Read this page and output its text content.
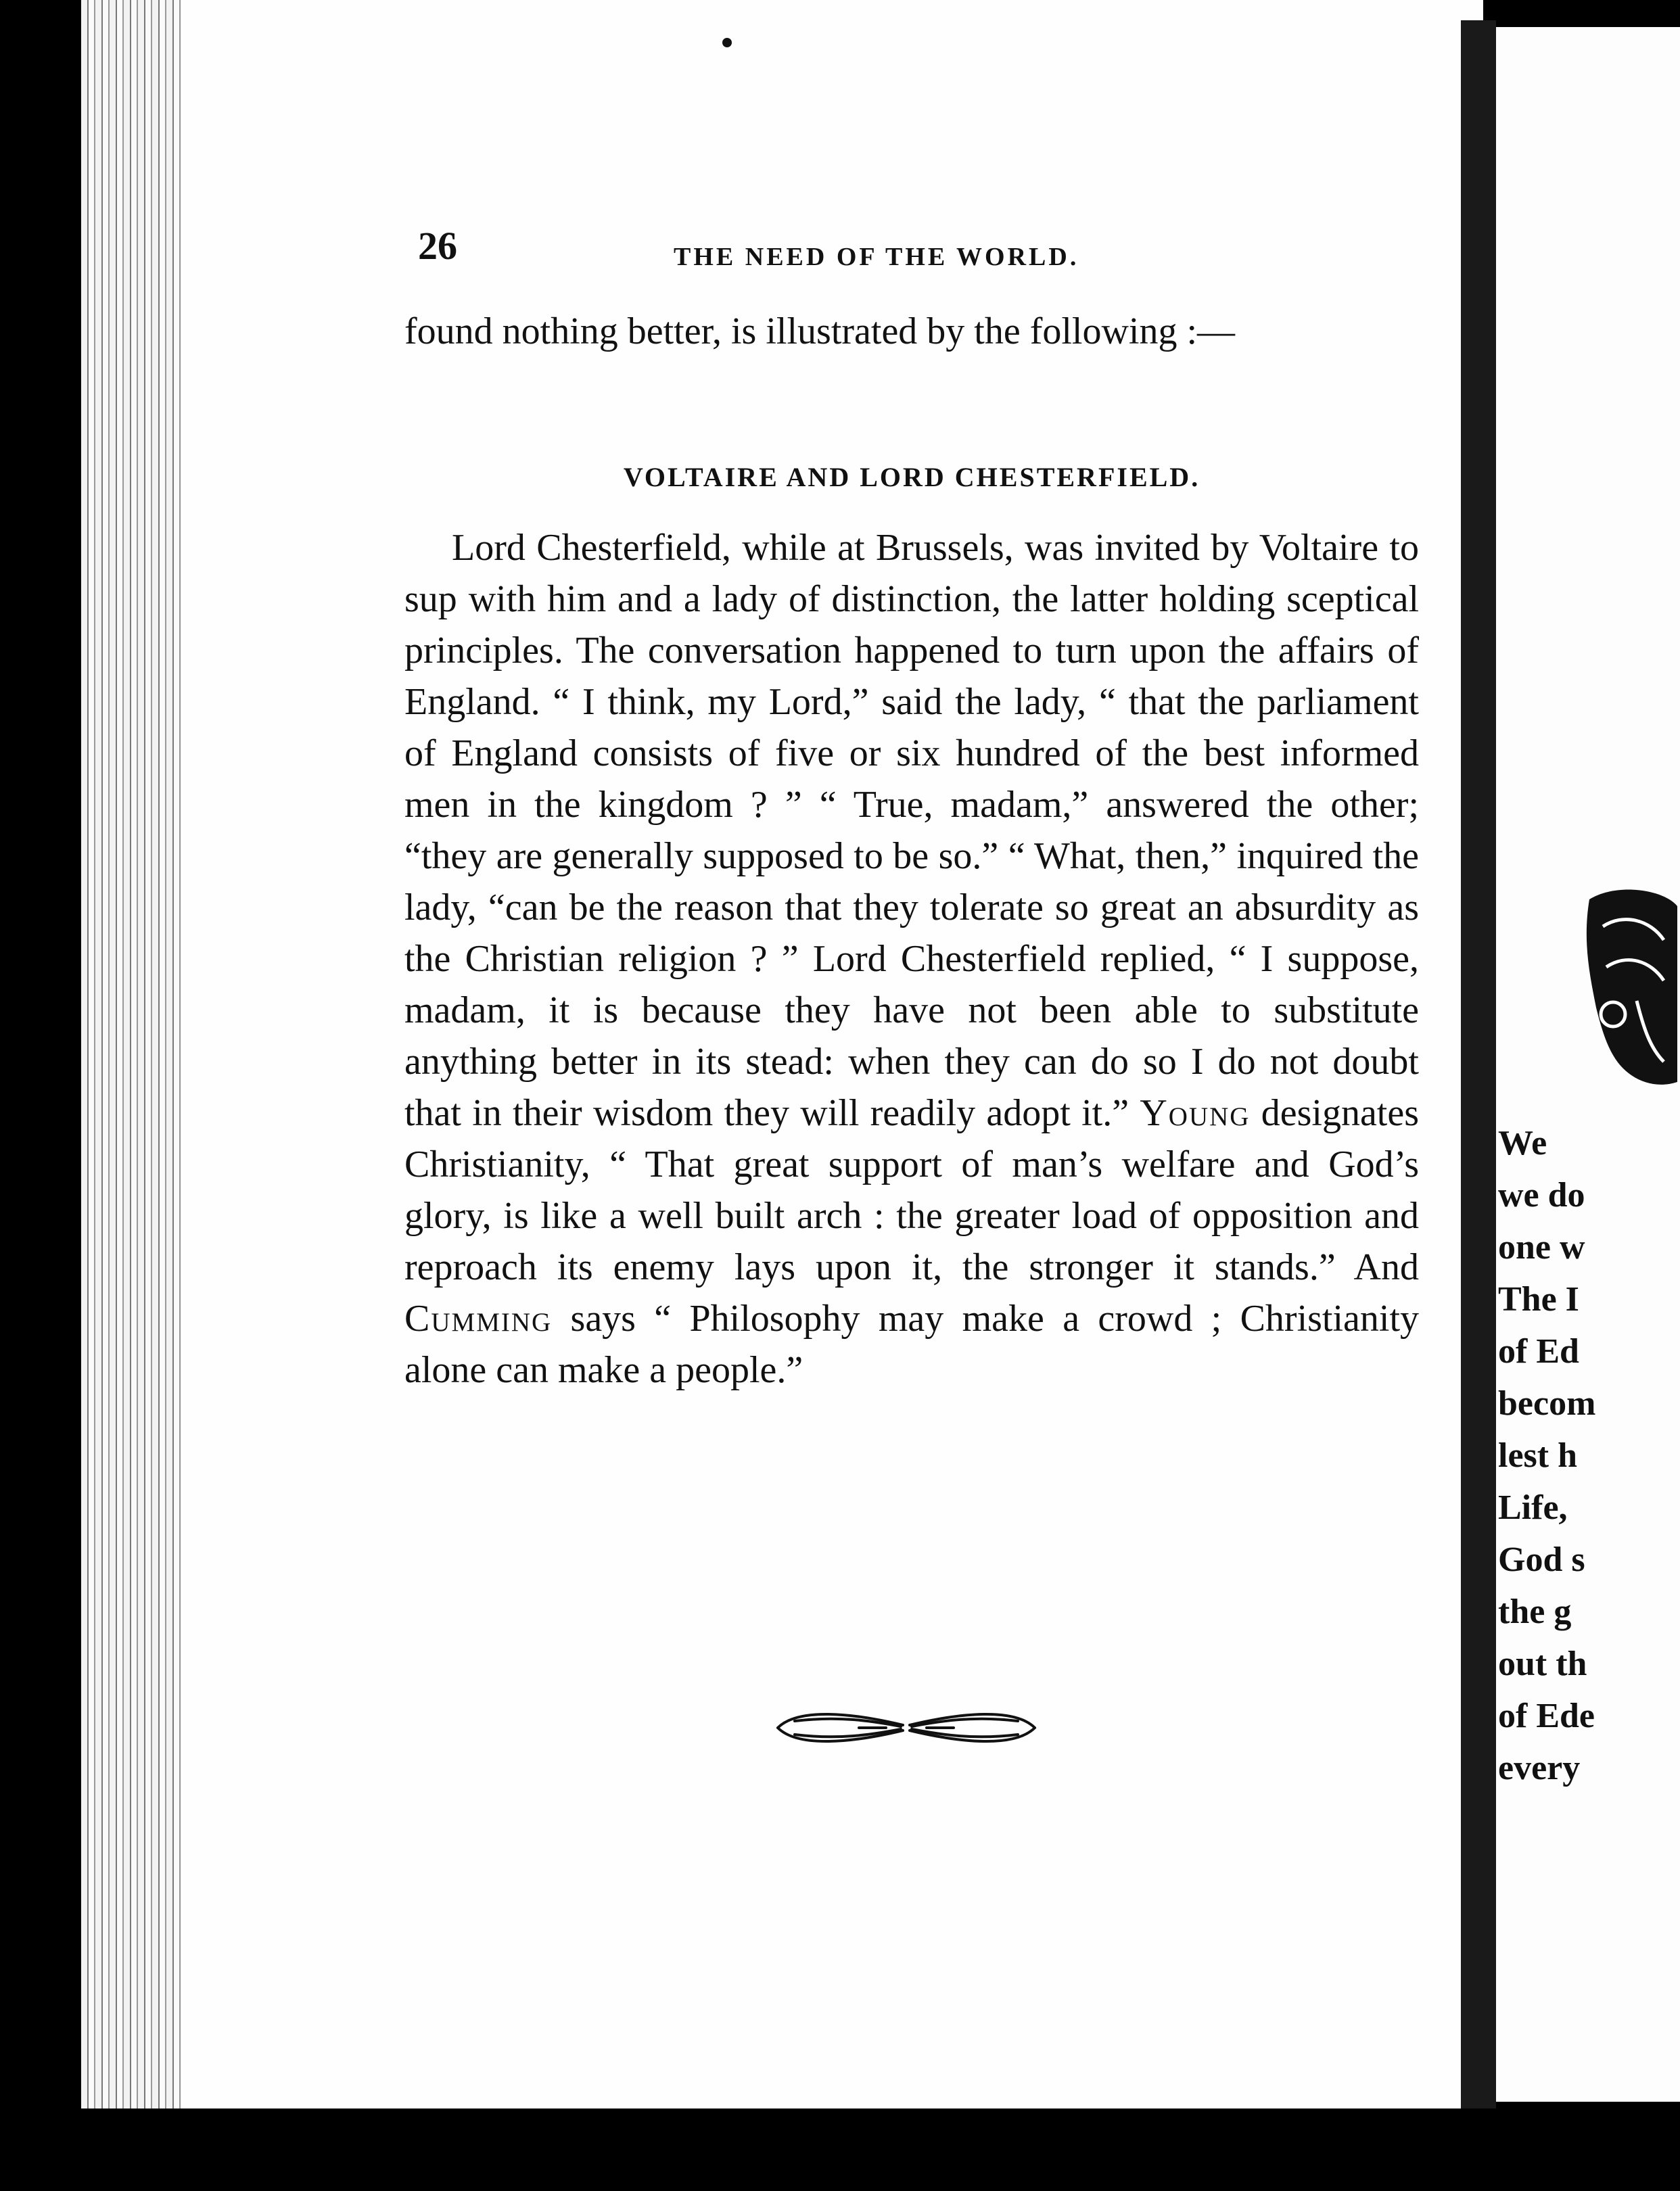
26	THE NEED OF THE WORLD.

found nothing better, is illustrated by the following :—

VOLTAIRE AND LORD CHESTERFIELD.

Lord Chesterfield, while at Brussels, was invited by Voltaire to sup with him and a lady of distinction, the latter holding sceptical principles. The conversation happened to turn upon the affairs of England. “ I think, my Lord,” said the lady, “ that the parliament of England consists of five or six hundred of the best informed men in the kingdom ? ” “ True, madam,” answered the other; “they are generally supposed to be so.” “ What, then,” inquired the lady, “can be the reason that they tolerate so great an absurdity as the Christian religion ? ” Lord Chesterfield replied, “ I suppose, madam, it is because they have not been able to substitute anything better in its stead: when they can do so I do not doubt that in their wisdom they will readily adopt it.” Young designates Christianity, “ That great support of man’s welfare and God’s glory, is like a well built arch : the greater load of opposition and reproach its enemy lays upon it, the stronger it stands.” And Cumming says “ Philosophy may make a crowd ; Christianity alone can make a people.”

We
we do
one w
The I
of Ed
becom
lest h
Life,
God s
the g
out th
of Ede
every
